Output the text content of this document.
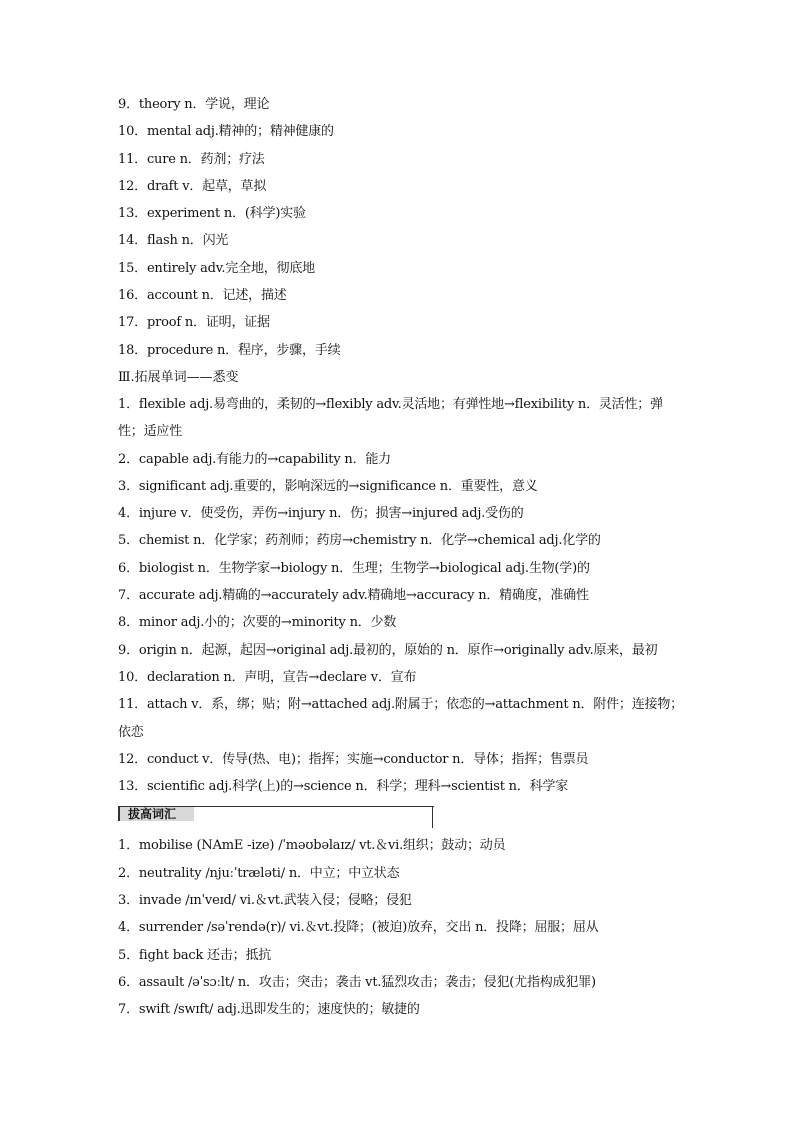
9．theory n．学说，理论
10．mental adj.精神的；精神健康的
11．cure n．药剂；疗法
12．draft v．起草，草拟
13．experiment n．(科学)实验
14．flash n．闪光
15．entirely adv.完全地，彻底地
16．account n．记述，描述
17．proof n．证明，证据
18．procedure n．程序，步骤，手续
Ⅲ.拓展单词——悉变
1．flexible adj.易弯曲的，柔韧的→flexibly adv.灵活地；有弹性地→flexibility n．灵活性；弹性；适应性
2．capable adj.有能力的→capability n．能力
3．significant adj.重要的，影响深远的→significance n．重要性，意义
4．injure v．使受伤，弄伤→injury n．伤；损害→injured adj.受伤的
5．chemist n．化学家；药剂师；药房→chemistry n．化学→chemical adj.化学的
6．biologist n．生物学家→biology n．生理；生物学→biological adj.生物(学)的
7．accurate adj.精确的→accurately adv.精确地→accuracy n．精确度，准确性
8．minor adj.小的；次要的→minority n．少数
9．origin n．起源，起因→original adj.最初的，原始的 n．原作→originally adv.原来，最初
10．declaration n．声明，宣告→declare v．宣布
11．attach v．系，绑；贴；附→attached adj.附属于；依恋的→attachment n．附件；连接物；依恋
12．conduct v．传导(热、电)；指挥；实施→conductor n．导体；指挥；售票员
13．scientific adj.科学(上)的→science n．科学；理科→scientist n．科学家
拔高词汇
1．mobilise (NAmE -ize) /ˈməʊbəlaɪz/ vt.＆vi.组织；鼓动；动员
2．neutrality /njuːˈtræləti/ n．中立；中立状态
3．invade /ɪnˈveɪd/ vi.＆vt.武装入侵；侵略；侵犯
4．surrender /səˈrendə(r)/ vi.＆vt.投降；(被迫)放弃，交出 n．投降；屈服；屈从
5．fight back 还击；抵抗
6．assault /əˈsɔːlt/ n．攻击；突击；袭击 vt.猛烈攻击；袭击；侵犯(尤指构成犯罪)
7．swift /swɪft/ adj.迅即发生的；速度快的；敏捷的
